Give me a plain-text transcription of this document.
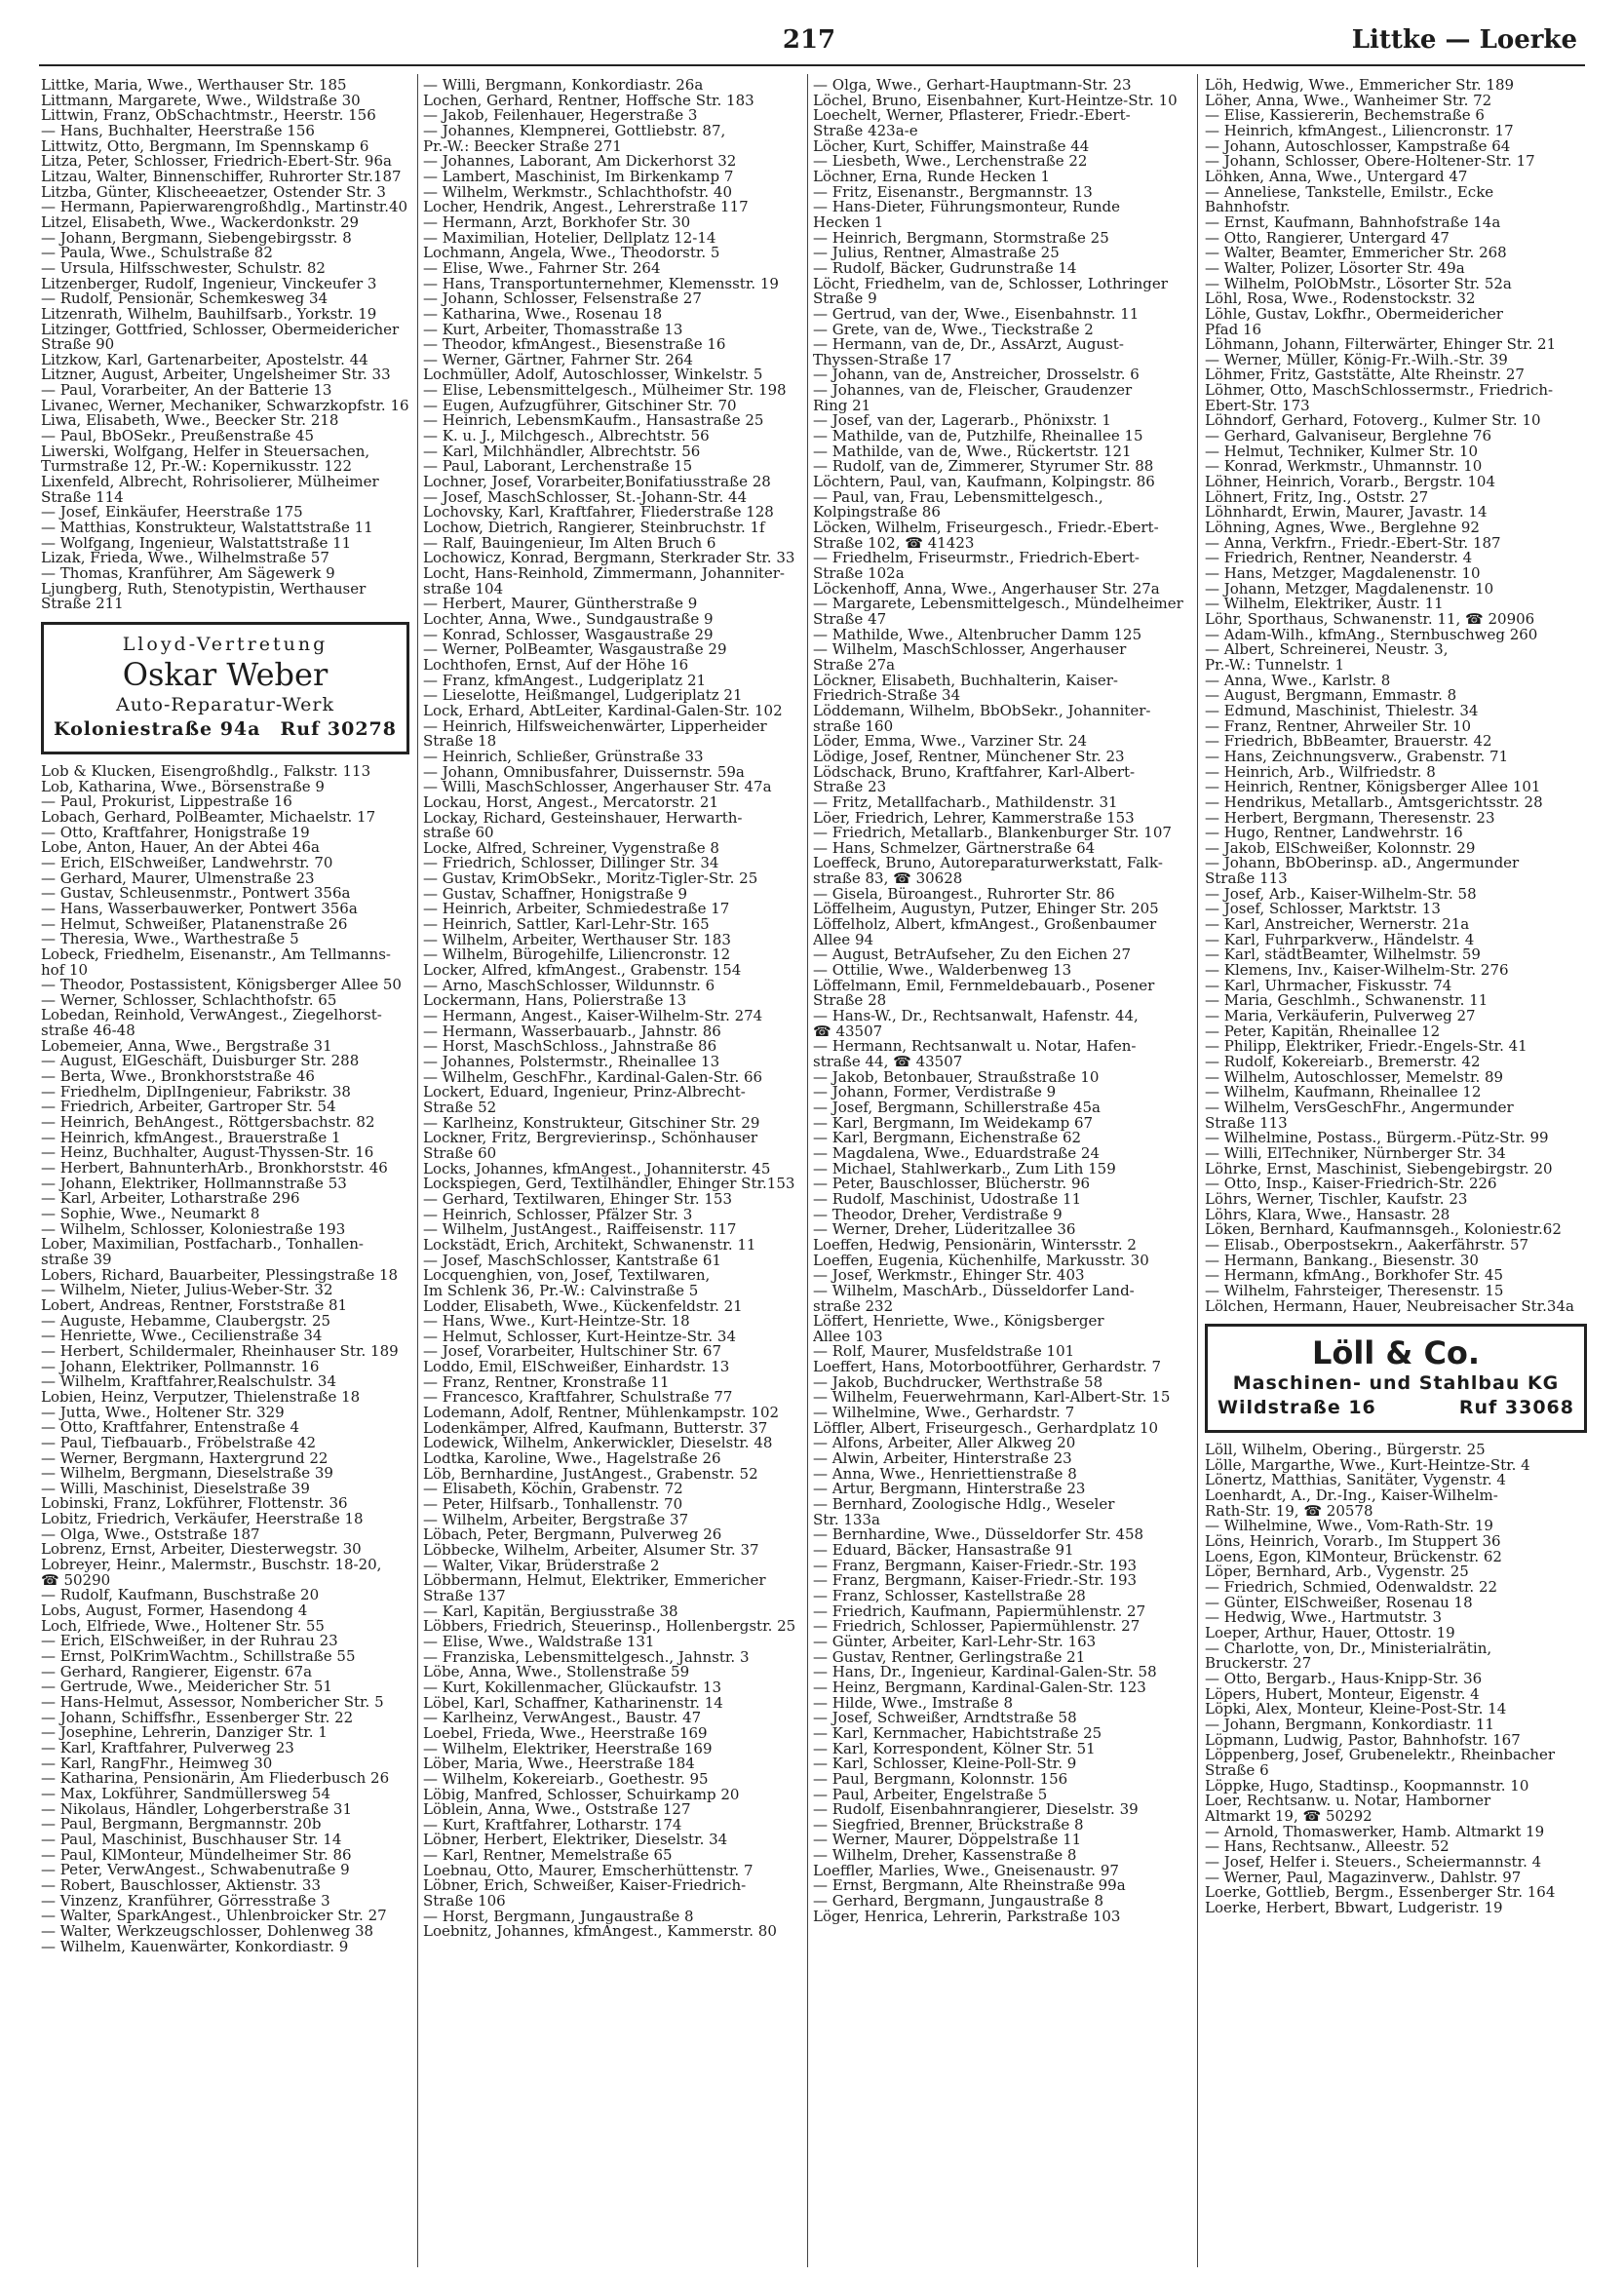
217	Littke — Loerke
Littke, Maria, Wwe., Werthauser Str. 185
Littmann, Margarete, Wwe., Wildstraße 30
Littwin, Franz, ObSchachtmstr., Heerstr. 156
— Hans, Buchhalter, Heerstraße 156
Littwitz, Otto, Bergmann, Im Spennskamp 6
Litza, Peter, Schlosser, Friedrich-Ebert-Str. 96a
Litzau, Walter, Binnenschiffer, Ruhrorter Str.187
Litzba, Günter, Klischeeaetzer, Ostender Str. 3
— Hermann, Papierwarengroßhdlg., Martinstr.40
Litzel, Elisabeth, Wwe., Wackerdonkstr. 29
— Johann, Bergmann, Siebengebirgsstr. 8
— Paula, Wwe., Schulstraße 82
— Ursula, Hilfsschwester, Schulstr. 82
Litzenberger, Rudolf, Ingenieur, Vinckeufer 3
— Rudolf, Pensionär, Schemkesweg 34
Litzenrath, Wilhelm, Bauhilfsarb., Yorkstr. 19
Litzinger, Gottfried, Schlosser, Obermeidericher
Straße 90
Litzkow, Karl, Gartenarbeiter, Apostelstr. 44
Litzner, August, Arbeiter, Ungelsheimer Str. 33
— Paul, Vorarbeiter, An der Batterie 13
Livanec, Werner, Mechaniker, Schwarzkopfstr. 16
Liwa, Elisabeth, Wwe., Beecker Str. 218
— Paul, BbOSekr., Preußenstraße 45
Liwerski, Wolfgang, Helfer in Steuersachen,
Turmstraße 12, Pr.-W.: Kopernikusstr. 122
Lixenfeld, Albrecht, Rohrisolierer, Mülheimer
Straße 114
— Josef, Einkäufer, Heerstraße 175
— Matthias, Konstrukteur, Walstattstraße 11
— Wolfgang, Ingenieur, Walstattstraße 11
Lizak, Frieda, Wwe., Wilhelmstraße 57
— Thomas, Kranführer, Am Sägewerk 9
Ljungberg, Ruth, Stenotypistin, Werthauser
Straße 211
Lloyd-Vertretung
Oskar Weber
Auto-Reparatur-Werk
Koloniestraße 94a Ruf 30278
Lob & Klucken, Eisengroßhdlg., Falkstr. 113
Lob, Katharina, Wwe., Börsenstraße 9
— Paul, Prokurist, Lippestraße 16
Lobach, Gerhard, PolBeamter, Michaelstr. 17
— Otto, Kraftfahrer, Honigstraße 19
Lobe, Anton, Hauer, An der Abtei 46a
— Erich, ElSchweißer, Landwehrstr. 70
— Gerhard, Maurer, Ulmenstraße 23
— Gustav, Schleusenmstr., Pontwert 356a
— Hans, Wasserbauwerker, Pontwert 356a
— Helmut, Schweißer, Platanenstraße 26
— Theresia, Wwe., Warthestraße 5
Lobeck, Friedhelm, Eisenanstr., Am Tellmanns-
hof 10
— Theodor, Postassistent, Königsberger Allee 50
— Werner, Schlosser, Schlachthofstr. 65
Lobedan, Reinhold, VerwAngest., Ziegelhorst-
straße 46-48
Lobemeier, Anna, Wwe., Bergstraße 31
— August, ElGeschäft, Duisburger Str. 288
— Berta, Wwe., Bronkhorststraße 46
— Friedhelm, DiplIngenieur, Fabrikstr. 38
— Friedrich, Arbeiter, Gartroper Str. 54
— Heinrich, BehAngest., Röttgersbachstr. 82
— Heinrich, kfmAngest., Brauerstraße 1
— Heinz, Buchhalter, August-Thyssen-Str. 16
— Herbert, BahnunterhArb., Bronkhorststr. 46
— Johann, Elektriker, Hollmannstraße 53
— Karl, Arbeiter, Lotharstraße 296
— Sophie, Wwe., Neumarkt 8
— Wilhelm, Schlosser, Koloniestraße 193
Lober, Maximilian, Postfacharb., Tonhallen-
straße 39
Lobers, Richard, Bauarbeiter, Plessingstraße 18
— Wilhelm, Nieter, Julius-Weber-Str. 32
Lobert, Andreas, Rentner, Forststraße 81
— Auguste, Hebamme, Claubergstr. 25
— Henriette, Wwe., Cecilienstraße 34
— Herbert, Schildermaler, Rheinhauser Str. 189
— Johann, Elektriker, Pollmannstr. 16
— Wilhelm, Kraftfahrer,Realschulstr. 34
Lobien, Heinz, Verputzer, Thielenstraße 18
— Jutta, Wwe., Holtener Str. 329
— Otto, Kraftfahrer, Entenstraße 4
— Paul, Tiefbauarb., Fröbelstraße 42
— Werner, Bergmann, Haxtergrund 22
— Wilhelm, Bergmann, Dieselstraße 39
— Willi, Maschinist, Dieselstraße 39
Lobinski, Franz, Lokführer, Flottenstr. 36
Lobitz, Friedrich, Verkäufer, Heerstraße 18
— Olga, Wwe., Oststraße 187
Lobrenz, Ernst, Arbeiter, Diesterwegstr. 30
Lobreyer, Heinr., Malermstr., Buschstr. 18-20,
☎ 50290
— Rudolf, Kaufmann, Buschstraße 20
Lobs, August, Former, Hasendong 4
Loch, Elfriede, Wwe., Holtener Str. 55
— Erich, ElSchweißer, in der Ruhrau 23
— Ernst, PolKrimWachtm., Schillstraße 55
— Gerhard, Rangierer, Eigenstr. 67a
— Gertrude, Wwe., Meidericher Str. 51
— Hans-Helmut, Assessor, Nombericher Str. 5
— Johann, Schiffsfhr., Essenberger Str. 22
— Josephine, Lehrerin, Danziger Str. 1
— Karl, Kraftfahrer, Pulverweg 23
— Karl, RangFhr., Heimweg 30
— Katharina, Pensionärin, Am Fliederbusch 26
— Max, Lokführer, Sandmüllersweg 54
— Nikolaus, Händler, Lohgerberstraße 31
— Paul, Bergmann, Bergmannstr. 20b
— Paul, Maschinist, Buschhauser Str. 14
— Paul, KlMonteur, Mündelheimer Str. 86
— Peter, VerwAngest., Schwabenutraße 9
— Robert, Bauschlosser, Aktienstr. 33
— Vinzenz, Kranführer, Görresstraße 3
— Walter, SparkAngest., Uhlenbroicker Str. 27
— Walter, Werkzeugschlosser, Dohlenweg 38
— Wilhelm, Kauenwärter, Konkordiastr. 9
— Willi, Bergmann, Konkordiastr. 26a
Lochen, Gerhard, Rentner, Hoffsche Str. 183
— Jakob, Feilenhauer, Hegerstraße 3
— Johannes, Klempnerei, Gottliebstr. 87,
Pr.-W.: Beecker Straße 271
— Johannes, Laborant, Am Dickerhorst 32
— Lambert, Maschinist, Im Birkenkamp 7
— Wilhelm, Werkmstr., Schlachthofstr. 40
Locher, Hendrik, Angest., Lehrerstraße 117
— Hermann, Arzt, Borkhofer Str. 30
— Maximilian, Hotelier, Dellplatz 12-14
Lochmann, Angela, Wwe., Theodorstr. 5
— Elise, Wwe., Fahrner Str. 264
— Hans, Transportunternehmer, Klemensstr. 19
— Johann, Schlosser, Felsenstraße 27
— Katharina, Wwe., Rosenau 18
— Kurt, Arbeiter, Thomasstraße 13
— Theodor, kfmAngest., Biesenstraße 16
— Werner, Gärtner, Fahrner Str. 264
Lochmüller, Adolf, Autoschlosser, Winkelstr. 5
— Elise, Lebensmittelgesch., Mülheimer Str. 198
— Eugen, Aufzugführer, Gitschiner Str. 70
— Heinrich, LebensmKaufm., Hansastraße 25
— K. u. J., Milchgesch., Albrechtstr. 56
— Karl, Milchhändler, Albrechtstr. 56
— Paul, Laborant, Lerchenstraße 15
Lochner, Josef, Vorarbeiter,Bonifatiusstraße 28
— Josef, MaschSchlosser, St.-Johann-Str. 44
Lochovsky, Karl, Kraftfahrer, Fliederstraße 128
Lochow, Dietrich, Rangierer, Steinbruchstr. 1f
— Ralf, Bauingenieur, Im Alten Bruch 6
Lochowicz, Konrad, Bergmann, Sterkrader Str. 33
Locht, Hans-Reinhold, Zimmermann, Johanniter-
straße 104
— Herbert, Maurer, Güntherstraße 9
Lochter, Anna, Wwe., Sundgaustraße 9
— Konrad, Schlosser, Wasgaustraße 29
— Werner, PolBeamter, Wasgaustraße 29
Lochthofen, Ernst, Auf der Höhe 16
— Franz, kfmAngest., Ludgeriplatz 21
— Lieselotte, Heißmangel, Ludgeriplatz 21
Lock, Erhard, AbtLeiter, Kardinal-Galen-Str. 102
— Heinrich, Hilfsweichenwärter, Lipperheider
Straße 18
— Heinrich, Schließer, Grünstraße 33
— Johann, Omnibusfahrer, Duissernstr. 59a
— Willi, MaschSchlosser, Angerhauser Str. 47a
Lockau, Horst, Angest., Mercatorstr. 21
Lockay, Richard, Gesteinshauer, Herwarth-
straße 60
Locke, Alfred, Schreiner, Vygenstraße 8
— Friedrich, Schlosser, Dillinger Str. 34
— Gustav, KrimObSekr., Moritz-Tigler-Str. 25
— Gustav, Schaffner, Honigstraße 9
— Heinrich, Arbeiter, Schmiedestraße 17
— Heinrich, Sattler, Karl-Lehr-Str. 165
— Wilhelm, Arbeiter, Werthauser Str. 183
— Wilhelm, Bürogehilfe, Liliencronstr. 12
Locker, Alfred, kfmAngest., Grabenstr. 154
— Arno, MaschSchlosser, Wildunnstr. 6
Lockermann, Hans, Polierstraße 13
— Hermann, Angest., Kaiser-Wilhelm-Str. 274
— Hermann, Wasserbauarb., Jahnstr. 86
— Horst, MaschSchloss., Jahnstraße 86
— Johannes, Polstermstr., Rheinallee 13
— Wilhelm, GeschFhr., Kardinal-Galen-Str. 66
Lockert, Eduard, Ingenieur, Prinz-Albrecht-
Straße 52
— Karlheinz, Konstrukteur, Gitschiner Str. 29
Lockner, Fritz, Bergrevierinsp., Schönhauser
Straße 60
Locks, Johannes, kfmAngest., Johanniterstr. 45
Lockspiegen, Gerd, Textilhändler, Ehinger Str.153
— Gerhard, Textilwaren, Ehinger Str. 153
— Heinrich, Schlosser, Pfälzer Str. 3
— Wilhelm, JustAngest., Raiffeisenstr. 117
Lockstädt, Erich, Architekt, Schwanenstr. 11
— Josef, MaschSchlosser, Kantstraße 61
Locquenghien, von, Josef, Textilwaren,
Im Schlenk 36, Pr.-W.: Calvinstraße 5
Lodder, Elisabeth, Wwe., Kückenfeldstr. 21
— Hans, Wwe., Kurt-Heintze-Str. 18
— Helmut, Schlosser, Kurt-Heintze-Str. 34
— Josef, Vorarbeiter, Hultschiner Str. 67
Loddo, Emil, ElSchweißer, Einhardstr. 13
— Franz, Rentner, Kronstraße 11
— Francesco, Kraftfahrer, Schulstraße 77
Lodemann, Adolf, Rentner, Mühlenkampstr. 102
Lodenkämper, Alfred, Kaufmann, Butterstr. 37
Lodewick, Wilhelm, Ankerwickler, Dieselstr. 48
Lodtka, Karoline, Wwe., Hagelstraße 26
Löb, Bernhardine, JustAngest., Grabenstr. 52
— Elisabeth, Köchin, Grabenstr. 72
— Peter, Hilfsarb., Tonhallenstr. 70
— Wilhelm, Arbeiter, Bergstraße 37
Löbach, Peter, Bergmann, Pulverweg 26
Löbbecke, Wilhelm, Arbeiter, Alsumer Str. 37
— Walter, Vikar, Brüderstraße 2
Löbbermann, Helmut, Elektriker, Emmericher
Straße 137
— Karl, Kapitän, Bergiusstraße 38
Löbbers, Friedrich, Steuerinsp., Hollenbergstr. 25
— Elise, Wwe., Waldstraße 131
— Franziska, Lebensmittelgesch., Jahnstr. 3
Löbe, Anna, Wwe., Stollenstraße 59
— Kurt, Kokillenmacher, Glückaufstr. 13
Löbel, Karl, Schaffner, Katharinenstr. 14
— Karlheinz, VerwAngest., Baustr. 47
Loebel, Frieda, Wwe., Heerstraße 169
— Wilhelm, Elektriker, Heerstraße 169
Löber, Maria, Wwe., Heerstraße 184
— Wilhelm, Kokereiarb., Goethestr. 95
Löbig, Manfred, Schlosser, Schuirkamp 20
Löblein, Anna, Wwe., Oststraße 127
— Kurt, Kraftfahrer, Lotharstr. 174
Löbner, Herbert, Elektriker, Dieselstr. 34
— Karl, Rentner, Memelstraße 65
Loebnau, Otto, Maurer, Emscherhüttenstr. 7
Löbner, Erich, Schweißer, Kaiser-Friedrich-
Straße 106
— Horst, Bergmann, Jungaustraße 8
Loebnitz, Johannes, kfmAngest., Kammerstr. 80
— Olga, Wwe., Gerhart-Hauptmann-Str. 23
Löchel, Bruno, Eisenbahner, Kurt-Heintze-Str. 10
Loechelt, Werner, Pflasterer, Friedr.-Ebert-
Straße 423a-e
Löcher, Kurt, Schiffer, Mainstraße 44
— Liesbeth, Wwe., Lerchenstraße 22
Löchner, Erna, Runde Hecken 1
— Fritz, Eisenanstr., Bergmannstr. 13
— Hans-Dieter, Führungsmonteur, Runde
Hecken 1
— Heinrich, Bergmann, Stormstraße 25
— Julius, Rentner, Almastraße 25
— Rudolf, Bäcker, Gudrunstraße 14
Löcht, Friedhelm, van de, Schlosser, Lothringer
Straße 9
— Gertrud, van der, Wwe., Eisenbahnstr. 11
— Grete, van de, Wwe., Tieckstraße 2
— Hermann, van de, Dr., AssArzt, August-
Thyssen-Straße 17
— Johann, van de, Anstreicher, Drosselstr. 6
— Johannes, van de, Fleischer, Graudenzer
Ring 21
— Josef, van der, Lagerarb., Phönixstr. 1
— Mathilde, van de, Putzhilfe, Rheinallee 15
— Mathilde, van de, Wwe., Rückertstr. 121
— Rudolf, van de, Zimmerer, Styrumer Str. 88
Löchtern, Paul, van, Kaufmann, Kolpingstr. 86
— Paul, van, Frau, Lebensmittelgesch.,
Kolpingstraße 86
Löcken, Wilhelm, Friseurgesch., Friedr.-Ebert-
Straße 102, ☎ 41423
— Friedhelm, Friseurmstr., Friedrich-Ebert-
Straße 102a
Löckenhoff, Anna, Wwe., Angerhauser Str. 27a
— Margarete, Lebensmittelgesch., Mündelheimer
Straße 47
— Mathilde, Wwe., Altenbrucher Damm 125
— Wilhelm, MaschSchlosser, Angerhauser
Straße 27a
Löckner, Elisabeth, Buchhalterin, Kaiser-
Friedrich-Straße 34
Löddemann, Wilhelm, BbObSekr., Johanniter-
straße 160
Löder, Emma, Wwe., Varziner Str. 24
Lödige, Josef, Rentner, Münchener Str. 23
Lödschack, Bruno, Kraftfahrer, Karl-Albert-
Straße 23
— Fritz, Metallfacharb., Mathildenstr. 31
Löer, Friedrich, Lehrer, Kammerstraße 153
— Friedrich, Metallarb., Blankenburger Str. 107
— Hans, Schmelzer, Gärtnerstraße 64
Loeffeck, Bruno, Autoreparaturwerkstatt, Falk-
straße 83, ☎ 30628
— Gisela, Büroangest., Ruhrorter Str. 86
Löffelheim, Augustyn, Putzer, Ehinger Str. 205
Löffelholz, Albert, kfmAngest., Großenbaumer
Allee 94
— August, BetrAufseher, Zu den Eichen 27
— Ottilie, Wwe., Walderbenweg 13
Löffelmann, Emil, Fernmeldebauarb., Posener
Straße 28
— Hans-W., Dr., Rechtsanwalt, Hafenstr. 44,
☎ 43507
— Hermann, Rechtsanwalt u. Notar, Hafen-
straße 44, ☎ 43507
— Jakob, Betonbauer, Straußstraße 10
— Johann, Former, Verdistraße 9
— Josef, Bergmann, Schillerstraße 45a
— Karl, Bergmann, Im Weidekamp 67
— Karl, Bergmann, Eichenstraße 62
— Magdalena, Wwe., Eduardstraße 24
— Michael, Stahlwerkarb., Zum Lith 159
— Peter, Bauschlosser, Blücherstr. 96
— Rudolf, Maschinist, Udostraße 11
— Theodor, Dreher, Verdistraße 9
— Werner, Dreher, Lüderitzallee 36
Loeffen, Hedwig, Pensionärin, Wintersstr. 2
Loeffen, Eugenia, Küchenhilfe, Markusstr. 30
— Josef, Werkmstr., Ehinger Str. 403
— Wilhelm, MaschArb., Düsseldorfer Land-
straße 232
Löffert, Henriette, Wwe., Königsberger
Allee 103
— Rolf, Maurer, Musfeldstraße 101
Loeffert, Hans, Motorbootführer, Gerhardstr. 7
— Jakob, Buchdrucker, Werthstraße 58
— Wilhelm, Feuerwehrmann, Karl-Albert-Str. 15
— Wilhelmine, Wwe., Gerhardstr. 7
Löffler, Albert, Friseurgesch., Gerhardplatz 10
— Alfons, Arbeiter, Aller Alkweg 20
— Alwin, Arbeiter, Hinterstraße 23
— Anna, Wwe., Henriettienstraße 8
— Artur, Bergmann, Hinterstraße 23
— Bernhard, Zoologische Hdlg., Weseler
Str. 133a
— Bernhardine, Wwe., Düsseldorfer Str. 458
— Eduard, Bäcker, Hansastraße 91
— Franz, Bergmann, Kaiser-Friedr.-Str. 193
— Franz, Bergmann, Kaiser-Friedr.-Str. 193
— Franz, Schlosser, Kastellstraße 28
— Friedrich, Kaufmann, Papiermühlenstr. 27
— Friedrich, Schlosser, Papiermühlenstr. 27
— Günter, Arbeiter, Karl-Lehr-Str. 163
— Gustav, Rentner, Gerlingstraße 21
— Hans, Dr., Ingenieur, Kardinal-Galen-Str. 58
— Heinz, Bergmann, Kardinal-Galen-Str. 123
— Hilde, Wwe., Imstraße 8
— Josef, Schweißer, Arndtstraße 58
— Karl, Kernmacher, Habichtstraße 25
— Karl, Korrespondent, Kölner Str. 51
— Karl, Schlosser, Kleine-Poll-Str. 9
— Paul, Bergmann, Kolonnstr. 156
— Paul, Arbeiter, Engelstraße 5
— Rudolf, Eisenbahnrangierer, Dieselstr. 39
— Siegfried, Brenner, Brückstraße 8
— Werner, Maurer, Döppelstraße 11
— Wilhelm, Dreher, Kassenstraße 8
Loeffler, Marlies, Wwe., Gneisenaustr. 97
— Ernst, Bergmann, Alte Rheinstraße 99a
— Gerhard, Bergmann, Jungaustraße 8
Löger, Henrica, Lehrerin, Parkstraße 103
Löh, Hedwig, Wwe., Emmericher Str. 189
Löher, Anna, Wwe., Wanheimer Str. 72
— Elise, Kassiererin, Bechemstraße 6
— Heinrich, kfmAngest., Liliencronstr. 17
— Johann, Autoschlosser, Kampstraße 64
— Johann, Schlosser, Obere-Holtener-Str. 17
Löhken, Anna, Wwe., Untergard 47
— Anneliese, Tankstelle, Emilstr., Ecke
Bahnhofstr.
— Ernst, Kaufmann, Bahnhofstraße 14a
— Otto, Rangierer, Untergard 47
— Walter, Beamter, Emmericher Str. 268
— Walter, Polizer, Lösorter Str. 49a
— Wilhelm, PolObMstr., Lösorter Str. 52a
Löhl, Rosa, Wwe., Rodenstockstr. 32
Löhle, Gustav, Lokfhr., Obermeidericher
Pfad 16
Löhmann, Johann, Filterwärter, Ehinger Str. 21
— Werner, Müller, König-Fr.-Wilh.-Str. 39
Löhmer, Fritz, Gaststätte, Alte Rheinstr. 27
Löhmer, Otto, MaschSchlossermstr., Friedrich-
Ebert-Str. 173
Löhndorf, Gerhard, Fotoverg., Kulmer Str. 10
— Gerhard, Galvaniseur, Berglehne 76
— Helmut, Techniker, Kulmer Str. 10
— Konrad, Werkmstr., Uhmannstr. 10
Löhner, Heinrich, Vorarb., Bergstr. 104
Löhnert, Fritz, Ing., Oststr. 27
Löhnhardt, Erwin, Maurer, Javastr. 14
Löhning, Agnes, Wwe., Berglehne 92
— Anna, Verkfrn., Friedr.-Ebert-Str. 187
— Friedrich, Rentner, Neanderstr. 4
— Hans, Metzger, Magdalenenstr. 10
— Johann, Metzger, Magdalenenstr. 10
— Wilhelm, Elektriker, Austr. 11
Löhr, Sporthaus, Schwanenstr. 11, ☎ 20906
— Adam-Wilh., kfmAng., Sternbuschweg 260
— Albert, Schreinerei, Neustr. 3,
Pr.-W.: Tunnelstr. 1
— Anna, Wwe., Karlstr. 8
— August, Bergmann, Emmastr. 8
— Edmund, Maschinist, Thielestr. 34
— Franz, Rentner, Ahrweiler Str. 10
— Friedrich, BbBeamter, Brauerstr. 42
— Hans, Zeichnungsverw., Grabenstr. 71
— Heinrich, Arb., Wilfriedstr. 8
— Heinrich, Rentner, Königsberger Allee 101
— Hendrikus, Metallarb., Amtsgerichtsstr. 28
— Herbert, Bergmann, Theresenstr. 23
— Hugo, Rentner, Landwehrstr. 16
— Jakob, ElSchweißer, Kolonnstr. 29
— Johann, BbOberinsp. aD., Angermunder
Straße 113
— Josef, Arb., Kaiser-Wilhelm-Str. 58
— Josef, Schlosser, Marktstr. 13
— Karl, Anstreicher, Wernerstr. 21a
— Karl, Fuhrparkverw., Händelstr. 4
— Karl, städtBeamter, Wilhelmstr. 59
— Klemens, Inv., Kaiser-Wilhelm-Str. 276
— Karl, Uhrmacher, Fiskusstr. 74
— Maria, Geschlmh., Schwanenstr. 11
— Maria, Verkäuferin, Pulverweg 27
— Peter, Kapitän, Rheinallee 12
— Philipp, Elektriker, Friedr.-Engels-Str. 41
— Rudolf, Kokereiarb., Bremerstr. 42
— Wilhelm, Autoschlosser, Memelstr. 89
— Wilhelm, Kaufmann, Rheinallee 12
— Wilhelm, VersGeschFhr., Angermunder
Straße 113
— Wilhelmine, Postass., Bürgerm.-Pütz-Str. 99
— Willi, ElTechniker, Nürnberger Str. 34
Löhrke, Ernst, Maschinist, Siebengebirgstr. 20
— Otto, Insp., Kaiser-Friedrich-Str. 226
Löhrs, Werner, Tischler, Kaufstr. 23
Löhrs, Klara, Wwe., Hansastr. 28
Löken, Bernhard, Kaufmannsgeh., Koloniestr.62
— Elisab., Oberpostsekrn., Aakerfährstr. 57
— Hermann, Bankang., Biesenstr. 30
— Hermann, kfmAng., Borkhofer Str. 45
— Wilhelm, Fahrsteiger, Theresenstr. 15
Lölchen, Hermann, Hauer, Neubreisacher Str.34a
Löll & Co.
Maschinen- und Stahlbau KG
Wildstraße 16	Ruf 33068
Löll, Wilhelm, Obering., Bürgerstr. 25
Lölle, Margarthe, Wwe., Kurt-Heintze-Str. 4
Lönertz, Matthias, Sanitäter, Vygenstr. 4
Loenhardt, A., Dr.-Ing., Kaiser-Wilhelm-
Rath-Str. 19, ☎ 20578
— Wilhelmine, Wwe., Vom-Rath-Str. 19
Löns, Heinrich, Vorarb., Im Stuppert 36
Loens, Egon, KlMonteur, Brückenstr. 62
Löper, Bernhard, Arb., Vygenstr. 25
— Friedrich, Schmied, Odenwaldstr. 22
— Günter, ElSchweißer, Rosenau 18
— Hedwig, Wwe., Hartmutstr. 3
Loeper, Arthur, Hauer, Ottostr. 19
— Charlotte, von, Dr., Ministerialrätin,
Bruckerstr. 27
— Otto, Bergarb., Haus-Knipp-Str. 36
Löpers, Hubert, Monteur, Eigenstr. 4
Löpki, Alex, Monteur, Kleine-Post-Str. 14
— Johann, Bergmann, Konkordiastr. 11
Löpmann, Ludwig, Pastor, Bahnhofstr. 167
Löppenberg, Josef, Grubenelektr., Rheinbacher
Straße 6
Löppke, Hugo, Stadtinsp., Koopmannstr. 10
Loer, Rechtsanw. u. Notar, Hamborner
Altmarkt 19, ☎ 50292
— Arnold, Thomaswerker, Hamb. Altmarkt 19
— Hans, Rechtsanw., Alleestr. 52
— Josef, Helfer i. Steuers., Scheiermannstr. 4
— Werner, Paul, Magazinverw., Dahlstr. 97
Loerke, Gottlieb, Bergm., Essenberger Str. 164
Loerke, Herbert, Bbwart, Ludgeristr. 19
